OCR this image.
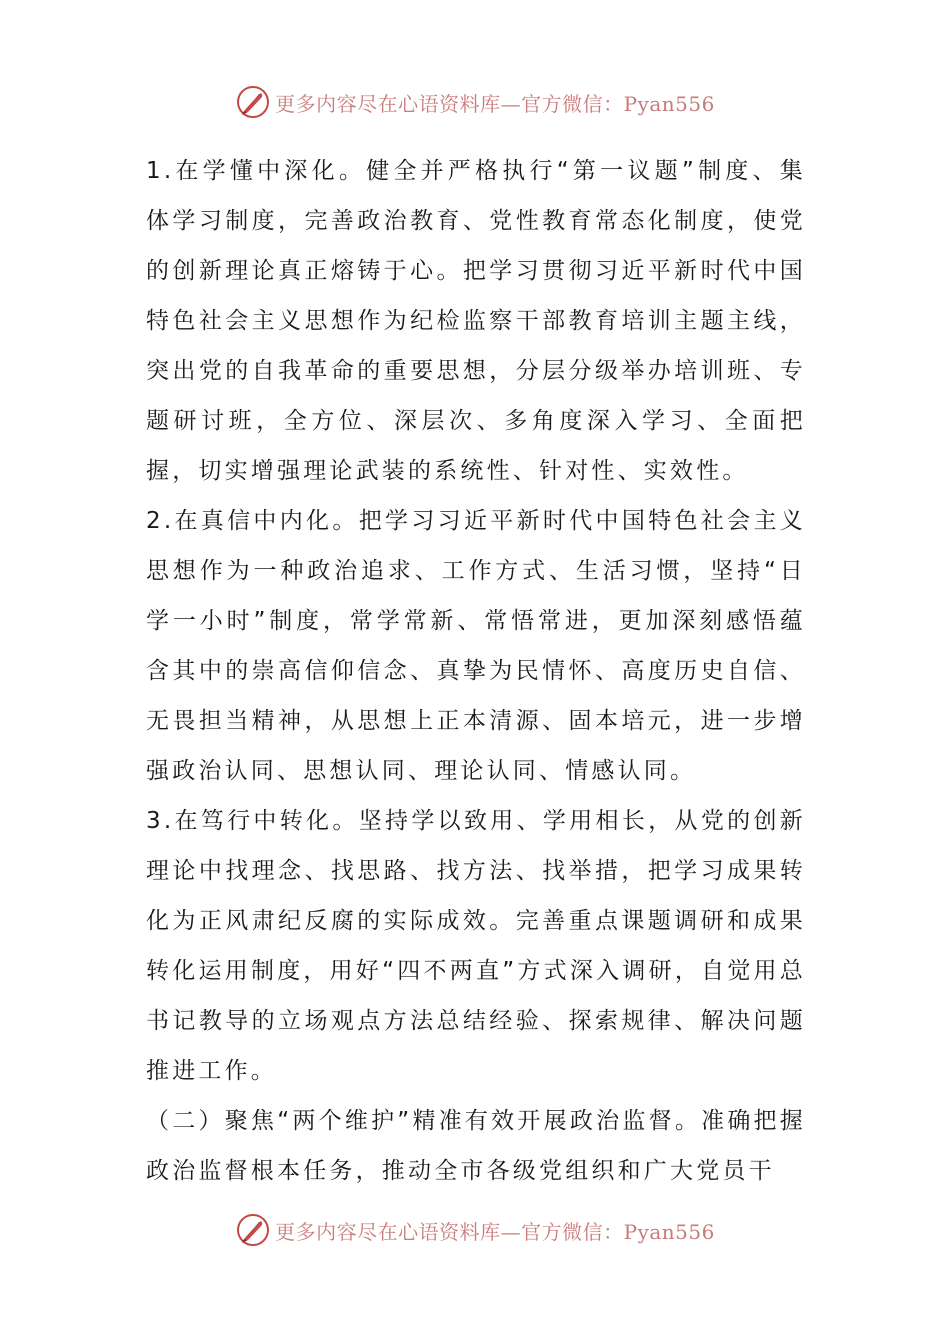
更多内容尽在心语资料库—官方微信：Pyan556

1.在学懂中深化。健全并严格执行“第一议题”制度、集体学习制度，完善政治教育、党性教育常态化制度，使党的创新理论真正熔铸于心。把学习贯彻习近平新时代中国特色社会主义思想作为纪检监察干部教育培训主题主线，突出党的自我革命的重要思想，分层分级举办培训班、专题研讨班，全方位、深层次、多角度深入学习、全面把握，切实增强理论武装的系统性、针对性、实效性。

2.在真信中内化。把学习习近平新时代中国特色社会主义思想作为一种政治追求、工作方式、生活习惯，坚持“日学一小时”制度，常学常新、常悟常进，更加深刻感悟蕴含其中的崇高信仰信念、真挚为民情怀、高度历史自信、无畏担当精神，从思想上正本清源、固本培元，进一步增强政治认同、思想认同、理论认同、情感认同。

3.在笃行中转化。坚持学以致用、学用相长，从党的创新理论中找理念、找思路、找方法、找举措，把学习成果转化为正风肃纪反腐的实际成效。完善重点课题调研和成果转化运用制度，用好“四不两直”方式深入调研，自觉用总书记教导的立场观点方法总结经验、探索规律、解决问题推进工作。

（二）聚焦“两个维护”精准有效开展政治监督。准确把握政治监督根本任务，推动全市各级党组织和广大党员干

更多内容尽在心语资料库—官方微信：Pyan556
